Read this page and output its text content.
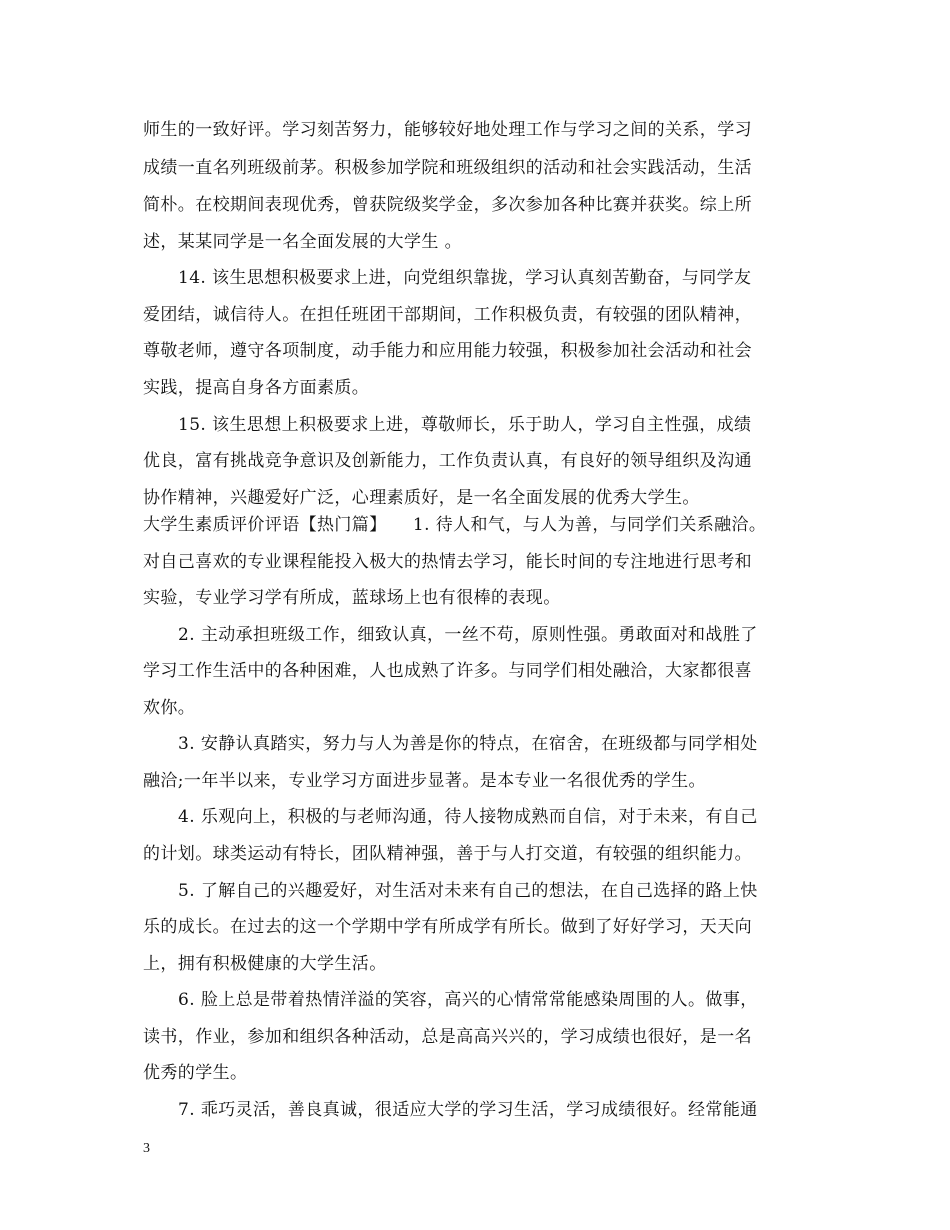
师生的一致好评。学习刻苦努力，能够较好地处理工作与学习之间的关系，学习
成绩一直名列班级前茅。积极参加学院和班级组织的活动和社会实践活动，生活
简朴。在校期间表现优秀，曾获院级奖学金，多次参加各种比赛并获奖。综上所
述，某某同学是一名全面发展的大学生 。
14. 该生思想积极要求上进，向党组织靠拢，学习认真刻苦勤奋，与同学友
爱团结，诚信待人。在担任班团干部期间，工作积极负责，有较强的团队精神，
尊敬老师，遵守各项制度，动手能力和应用能力较强，积极参加社会活动和社会
实践，提高自身各方面素质。
15. 该生思想上积极要求上进，尊敬师长，乐于助人，学习自主性强，成绩
优良，富有挑战竞争意识及创新能力，工作负责认真，有良好的领导组织及沟通
协作精神，兴趣爱好广泛，心理素质好，是一名全面发展的优秀大学生。
大学生素质评价评语【热门篇】　　1. 待人和气，与人为善，与同学们关系融洽。
对自己喜欢的专业课程能投入极大的热情去学习，能长时间的专注地进行思考和
实验，专业学习学有所成，蓝球场上也有很棒的表现。
2. 主动承担班级工作，细致认真，一丝不苟，原则性强。勇敢面对和战胜了
学习工作生活中的各种困难，人也成熟了许多。与同学们相处融洽，大家都很喜
欢你。
3. 安静认真踏实，努力与人为善是你的特点，在宿舍，在班级都与同学相处
融洽;一年半以来，专业学习方面进步显著。是本专业一名很优秀的学生。
4. 乐观向上，积极的与老师沟通，待人接物成熟而自信，对于未来，有自己
的计划。球类运动有特长，团队精神强，善于与人打交道，有较强的组织能力。
5. 了解自己的兴趣爱好，对生活对未来有自己的想法，在自己选择的路上快
乐的成长。在过去的这一个学期中学有所成学有所长。做到了好好学习，天天向
上，拥有积极健康的大学生活。
6. 脸上总是带着热情洋溢的笑容，高兴的心情常常能感染周围的人。做事，
读书，作业，参加和组织各种活动，总是高高兴兴的，学习成绩也很好，是一名
优秀的学生。
7. 乖巧灵活，善良真诚，很适应大学的学习生活，学习成绩很好。经常能通
3
